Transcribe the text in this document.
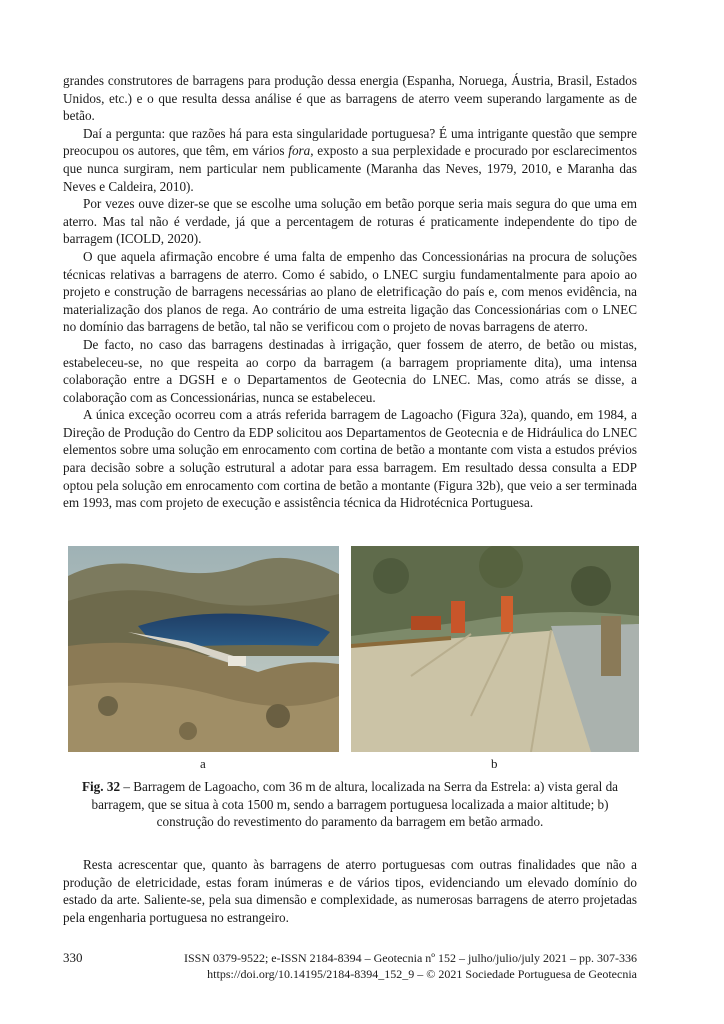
grandes construtores de barragens para produção dessa energia (Espanha, Noruega, Áustria, Brasil, Estados Unidos, etc.) e o que resulta dessa análise é que as barragens de aterro veem superando largamente as de betão.

Daí a pergunta: que razões há para esta singularidade portuguesa? É uma intrigante questão que sempre preocupou os autores, que têm, em vários fora, exposto a sua perplexidade e procurado por esclarecimentos que nunca surgiram, nem particular nem publicamente (Maranha das Neves, 1979, 2010, e Maranha das Neves e Caldeira, 2010).

Por vezes ouve dizer-se que se escolhe uma solução em betão porque seria mais segura do que uma em aterro. Mas tal não é verdade, já que a percentagem de roturas é praticamente independente do tipo de barragem (ICOLD, 2020).

O que aquela afirmação encobre é uma falta de empenho das Concessionárias na procura de soluções técnicas relativas a barragens de aterro. Como é sabido, o LNEC surgiu fundamentalmente para apoio ao projeto e construção de barragens necessárias ao plano de eletrificação do país e, com menos evidência, na materialização dos planos de rega. Ao contrário de uma estreita ligação das Concessionárias com o LNEC no domínio das barragens de betão, tal não se verificou com o projeto de novas barragens de aterro.

De facto, no caso das barragens destinadas à irrigação, quer fossem de aterro, de betão ou mistas, estabeleceu-se, no que respeita ao corpo da barragem (a barragem propriamente dita), uma intensa colaboração entre a DGSH e o Departamentos de Geotecnia do LNEC. Mas, como atrás se disse, a colaboração com as Concessionárias, nunca se estabeleceu.

A única exceção ocorreu com a atrás referida barragem de Lagoacho (Figura 32a), quando, em 1984, a Direção de Produção do Centro da EDP solicitou aos Departamentos de Geotecnia e de Hidráulica do LNEC elementos sobre uma solução em enrocamento com cortina de betão a montante com vista a estudos prévios para decisão sobre a solução estrutural a adotar para essa barragem. Em resultado dessa consulta a EDP optou pela solução em enrocamento com cortina de betão a montante (Figura 32b), que veio a ser terminada em 1993, mas com projeto de execução e assistência técnica da Hidrotécnica Portuguesa.

a	b
Fig. 32 – Barragem de Lagoacho, com 36 m de altura, localizada na Serra da Estrela: a) vista geral da barragem, que se situa à cota 1500 m, sendo a barragem portuguesa localizada a maior altitude; b) construção do revestimento do paramento da barragem em betão armado.

Resta acrescentar que, quanto às barragens de aterro portuguesas com outras finalidades que não a produção de eletricidade, estas foram inúmeras e de vários tipos, evidenciando um elevado domínio do estado da arte. Saliente-se, pela sua dimensão e complexidade, as numerosas barragens de aterro projetadas pela engenharia portuguesa no estrangeiro.

330	ISSN 0379-9522; e-ISSN 2184-8394 – Geotecnia nº 152 – julho/julio/july 2021 – pp. 307-336
https://doi.org/10.14195/2184-8394_152_9 – © 2021 Sociedade Portuguesa de Geotecnia
